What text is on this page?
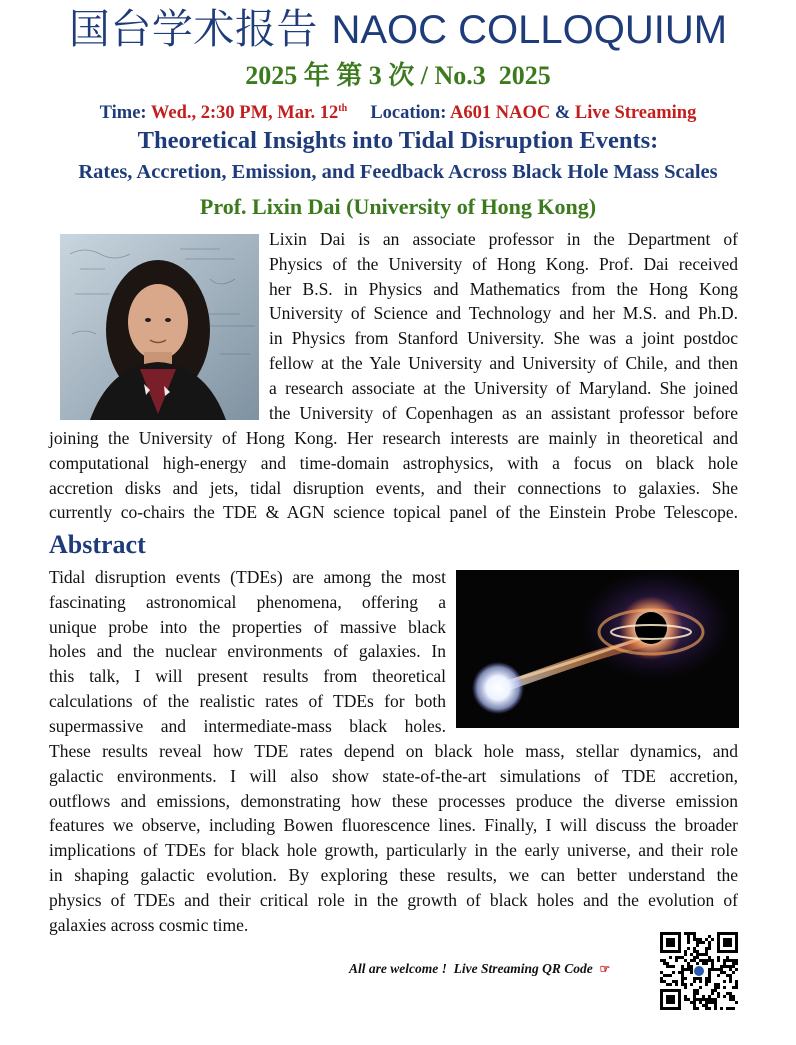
国台学术报告 NAOC COLLOQUIUM
2025 年 第 3 次 / No.3 2025
Time: Wed., 2:30 PM, Mar. 12th Location: A601 NAOC & Live Streaming
Theoretical Insights into Tidal Disruption Events:
Rates, Accretion, Emission, and Feedback Across Black Hole Mass Scales
Prof. Lixin Dai (University of Hong Kong)
Lixin Dai is an associate professor in the Department of
Physics of the University of Hong Kong. Prof. Dai received
her B.S. in Physics and Mathematics from the Hong Kong
University of Science and Technology and her M.S. and Ph.D.
in Physics from Stanford University. She was a joint postdoc
fellow at the Yale University and University of Chile, and then
a research associate at the University of Maryland. She joined
the University of Copenhagen as an assistant professor before
joining the University of Hong Kong. Her research interests are mainly in theoretical and
computational high-energy and time-domain astrophysics, with a focus on black hole
accretion disks and jets, tidal disruption events, and their connections to galaxies. She
currently co-chairs the TDE & AGN science topical panel of the Einstein Probe Telescope.
Abstract
Tidal disruption events (TDEs) are among the most
fascinating astronomical phenomena, offering a
unique probe into the properties of massive black
holes and the nuclear environments of galaxies. In
this talk, I will present results from theoretical
calculations of the realistic rates of TDEs for both
supermassive and intermediate-mass black holes.
These results reveal how TDE rates depend on black hole mass, stellar dynamics, and
galactic environments. I will also show state-of-the-art simulations of TDE accretion,
outflows and emissions, demonstrating how these processes produce the diverse emission
features we observe, including Bowen fluorescence lines. Finally, I will discuss the broader
implications of TDEs for black hole growth, particularly in the early universe, and their role
in shaping galactic evolution. By exploring these results, we can better understand the
physics of TDEs and their critical role in the growth of black holes and the evolution of
galaxies across cosmic time.
All are welcome ! Live Streaming QR Code ☞
